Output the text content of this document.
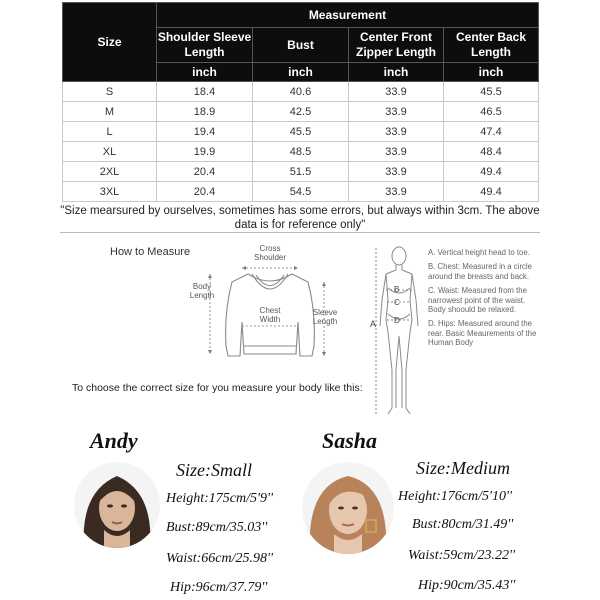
Size	Measurement			
	Shoulder Sleeve Length	Bust	Center Front Zipper Length	Center Back Length
	inch	inch	inch	inch
S	18.4	40.6	33.9	45.5
M	18.9	42.5	33.9	46.5
L	19.4	45.5	33.9	47.4
XL	19.9	48.5	33.9	48.4
2XL	20.4	51.5	33.9	49.4
3XL	20.4	54.5	33.9	49.4
"Size mearsured by ourselves, sometimes has some errors, but always within 3cm. The above data is for reference only"
How to Measure	Cross Shoulder
Body Length
Chest Width
Sleeve Length
To choose the correct size for you measure your body like this:
B
C
D
A
A. Vertical height head to toe.
B. Chest: Measured in a circle around the breasts and back.
C. Waist: Measured from the narrowest point of the waist. Body shoould be relaxed.
D. Hips: Measured around the rear. Basic Meaurements of the Human Body
Andy
Size:Small
Height:175cm/5'9''
Bust:89cm/35.03''
Waist:66cm/25.98''
Hip:96cm/37.79''
Sasha
Size:Medium
Height:176cm/5'10''
Bust:80cm/31.49''
Waist:59cm/23.22''
Hip:90cm/35.43''
